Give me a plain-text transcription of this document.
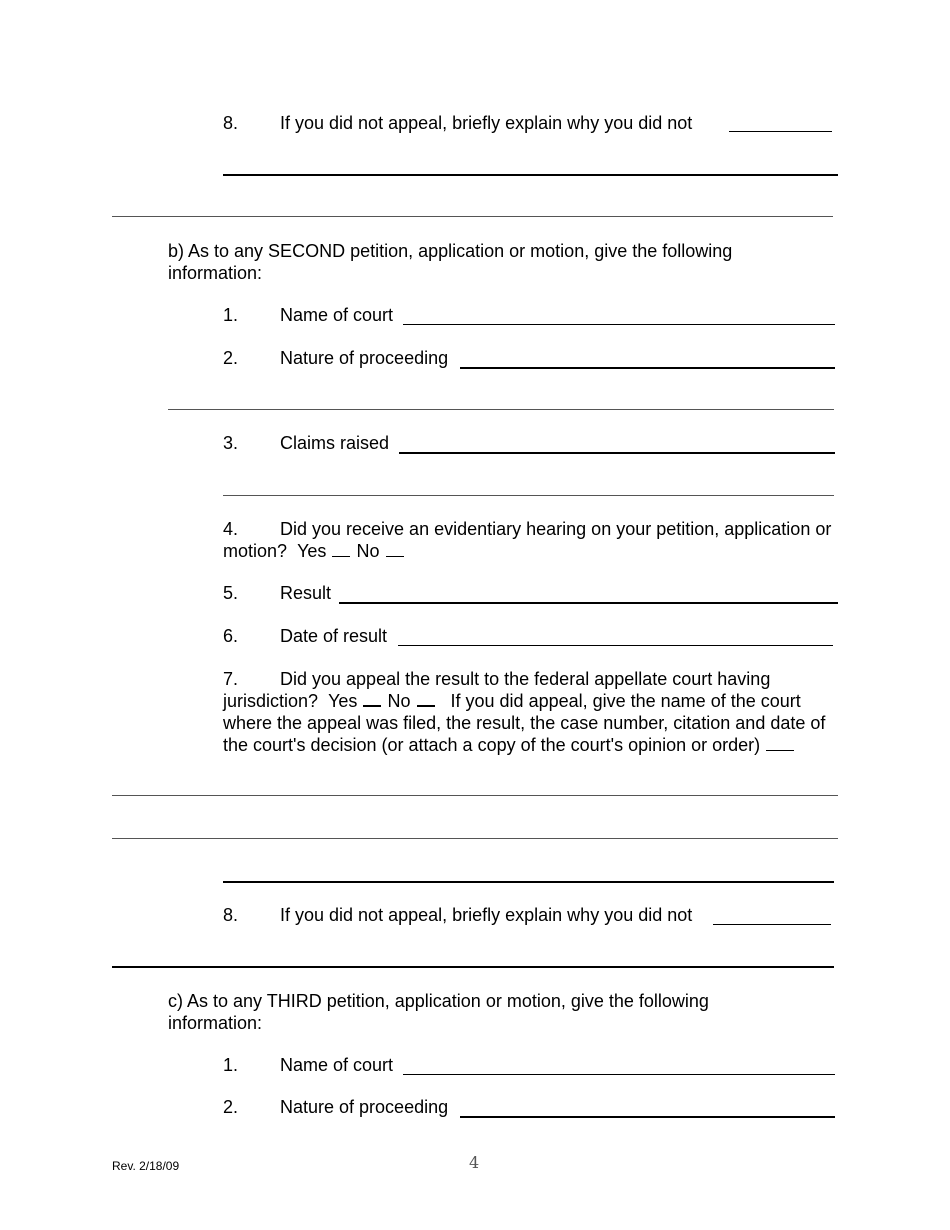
8. If you did not appeal, briefly explain why you did not
b) As to any SECOND petition, application or motion, give the following information:
1. Name of court
2. Nature of proceeding
3. Claims raised
4. Did you receive an evidentiary hearing on your petition, application or motion? Yes No
5. Result
6. Date of result
7. Did you appeal the result to the federal appellate court having jurisdiction? Yes No If you did appeal, give the name of the court where the appeal was filed, the result, the case number, citation and date of the court's decision (or attach a copy of the court's opinion or order)
8. If you did not appeal, briefly explain why you did not
c) As to any THIRD petition, application or motion, give the following information:
1. Name of court
2. Nature of proceeding
Rev. 2/18/09	4
